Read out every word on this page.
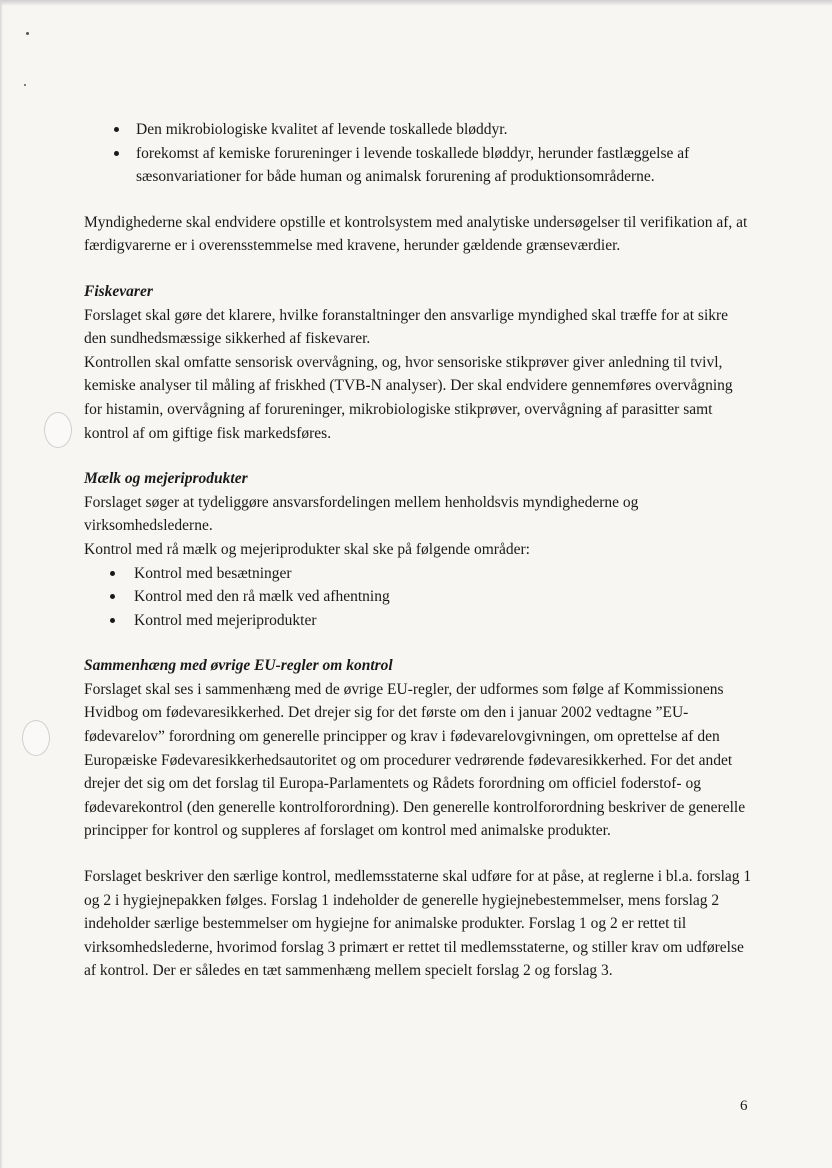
Den mikrobiologiske kvalitet af levende toskallede bløddyr.
forekomst af kemiske forureninger i levende toskallede bløddyr, herunder fastlæggelse af sæsonvariationer for både human og animalsk forurening af produktionsområderne.

Myndighederne skal endvidere opstille et kontrolsystem med analytiske undersøgelser til verifikation af, at færdigvarerne er i overensstemmelse med kravene, herunder gældende grænseværdier.

Fiskevarer

Forslaget skal gøre det klarere, hvilke foranstaltninger den ansvarlige myndighed skal træffe for at sikre den sundhedsmæssige sikkerhed af fiskevarer.

Kontrollen skal omfatte sensorisk overvågning, og, hvor sensoriske stikprøver giver anledning til tvivl, kemiske analyser til måling af friskhed (TVB-N analyser). Der skal endvidere gennemføres overvågning for histamin, overvågning af forureninger, mikrobiologiske stikprøver, overvågning af parasitter samt kontrol af om giftige fisk markedsføres.

Mælk og mejeriprodukter

Forslaget søger at tydeliggøre ansvarsfordelingen mellem henholdsvis myndighederne og virksomhedslederne.

Kontrol med rå mælk og mejeriprodukter skal ske på følgende områder:

Kontrol med besætninger
Kontrol med den rå mælk ved afhentning
Kontrol med mejeriprodukter

Sammenhæng med øvrige EU-regler om kontrol

Forslaget skal ses i sammenhæng med de øvrige EU-regler, der udformes som følge af Kommissionens Hvidbog om fødevaresikkerhed. Det drejer sig for det første om den i januar 2002 vedtagne ”EU-fødevarelov” forordning om generelle principper og krav i fødevarelovgivningen, om oprettelse af den Europæiske Fødevaresikkerhedsautoritet og om procedurer vedrørende fødevaresikkerhed. For det andet drejer det sig om det forslag til Europa-Parlamentets og Rådets forordning om officiel foderstof- og fødevarekontrol (den generelle kontrolforordning). Den generelle kontrolforordning beskriver de generelle principper for kontrol og suppleres af forslaget om kontrol med animalske produkter.

Forslaget beskriver den særlige kontrol, medlemsstaterne skal udføre for at påse, at reglerne i bl.a. forslag 1 og 2 i hygiejnepakken følges. Forslag 1 indeholder de generelle hygiejnebestemmelser, mens forslag 2 indeholder særlige bestemmelser om hygiejne for animalske produkter. Forslag 1 og 2 er rettet til virksomhedslederne, hvorimod forslag 3 primært er rettet til medlemsstaterne, og stiller krav om udførelse af kontrol. Der er således en tæt sammenhæng mellem specielt forslag 2 og forslag 3.

6
